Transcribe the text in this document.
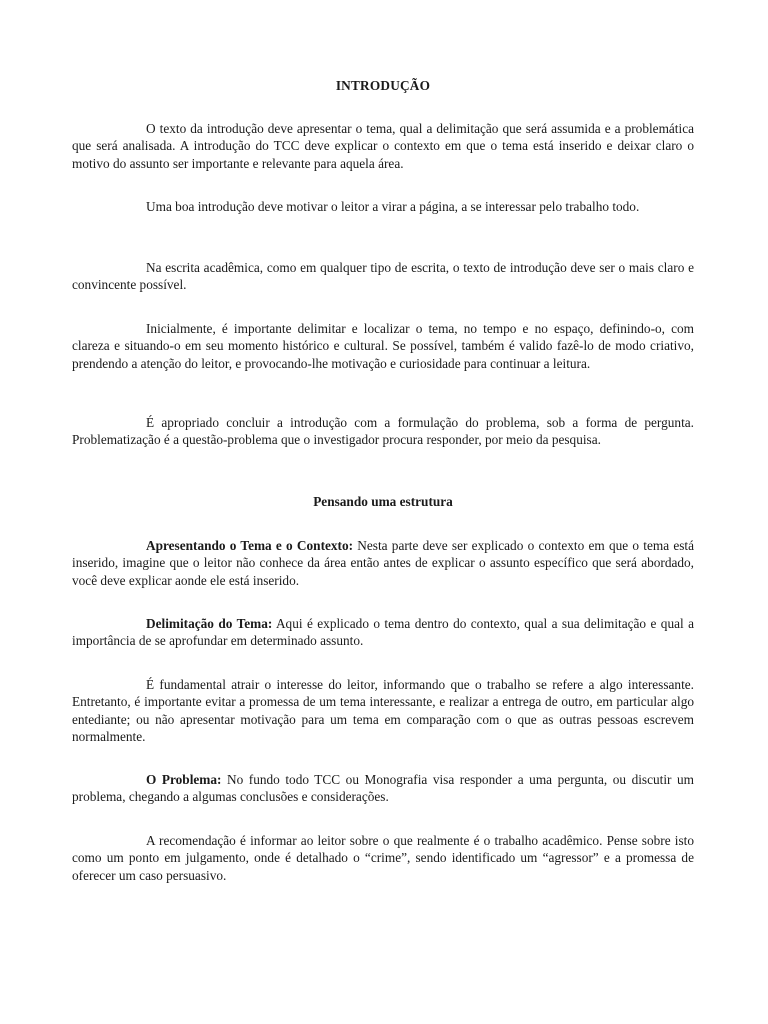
INTRODUÇÃO

O texto da introdução deve apresentar o tema, qual a delimitação que será assumida e a problemática que será analisada. A introdução do TCC deve explicar o contexto em que o tema está inserido e deixar claro o motivo do assunto ser importante e relevante para aquela área.

Uma boa introdução deve motivar o leitor a virar a página, a se interessar pelo trabalho todo.

Na escrita acadêmica, como em qualquer tipo de escrita, o texto de introdução deve ser o mais claro e convincente possível.

Inicialmente, é importante delimitar e localizar o tema, no tempo e no espaço, definindo-o, com clareza e situando-o em seu momento histórico e cultural. Se possível, também é valido fazê-lo de modo criativo, prendendo a atenção do leitor, e provocando-lhe motivação e curiosidade para continuar a leitura.

É apropriado concluir a introdução com a formulação do problema, sob a forma de pergunta. Problematização é a questão-problema que o investigador procura responder, por meio da pesquisa.

Pensando uma estrutura

Apresentando o Tema e o Contexto: Nesta parte deve ser explicado o contexto em que o tema está inserido, imagine que o leitor não conhece da área então antes de explicar o assunto específico que será abordado, você deve explicar aonde ele está inserido.

Delimitação do Tema: Aqui é explicado o tema dentro do contexto, qual a sua delimitação e qual a importância de se aprofundar em determinado assunto.

É fundamental atrair o interesse do leitor, informando que o trabalho se refere a algo interessante. Entretanto, é importante evitar a promessa de um tema interessante, e realizar a entrega de outro, em particular algo entediante; ou não apresentar motivação para um tema em comparação com o que as outras pessoas escrevem normalmente.

O Problema: No fundo todo TCC ou Monografia visa responder a uma pergunta, ou discutir um problema, chegando a algumas conclusões e considerações.

A recomendação é informar ao leitor sobre o que realmente é o trabalho acadêmico. Pense sobre isto como um ponto em julgamento, onde é detalhado o “crime”, sendo identificado um “agressor” e a promessa de oferecer um caso persuasivo.
